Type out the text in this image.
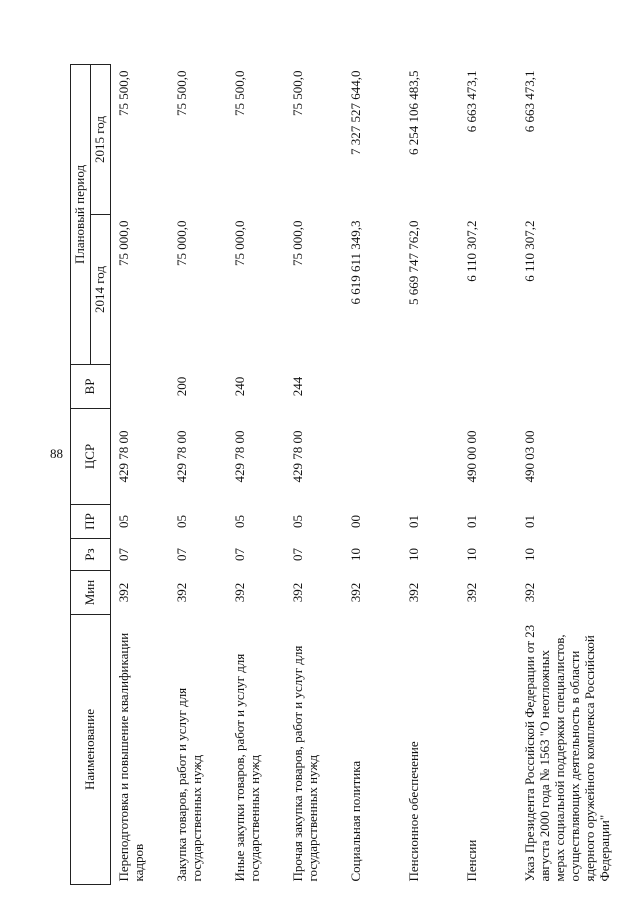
88
Наименование	Мин	Рз	ПР	ЦСР	ВР	Плановый период	
						2014 год	2015 год
Переподготовка и повышение квалификации кадров	392	07	05	429 78 00		75 000,0	75 500,0
Закупка товаров, работ и услуг для государственных нужд	392	07	05	429 78 00	200	75 000,0	75 500,0
Иные закупки товаров, работ и услуг для государственных нужд	392	07	05	429 78 00	240	75 000,0	75 500,0
Прочая закупка товаров, работ и услуг для государственных нужд	392	07	05	429 78 00	244	75 000,0	75 500,0
Социальная политика	392	10	00			6 619 611 349,3	7 327 527 644,0
Пенсионное обеспечение	392	10	01			5 669 747 762,0	6 254 106 483,5
Пенсии	392	10	01	490 00 00		6 110 307,2	6 663 473,1
Указ Президента Российской Федерации от 23 августа 2000 года № 1563 "О неотложных мерах социальной поддержки специалистов, осуществляющих деятельность в области ядерного оружейного комплекса Российской Федерации"	392	10	01	490 03 00		6 110 307,2	6 663 473,1
